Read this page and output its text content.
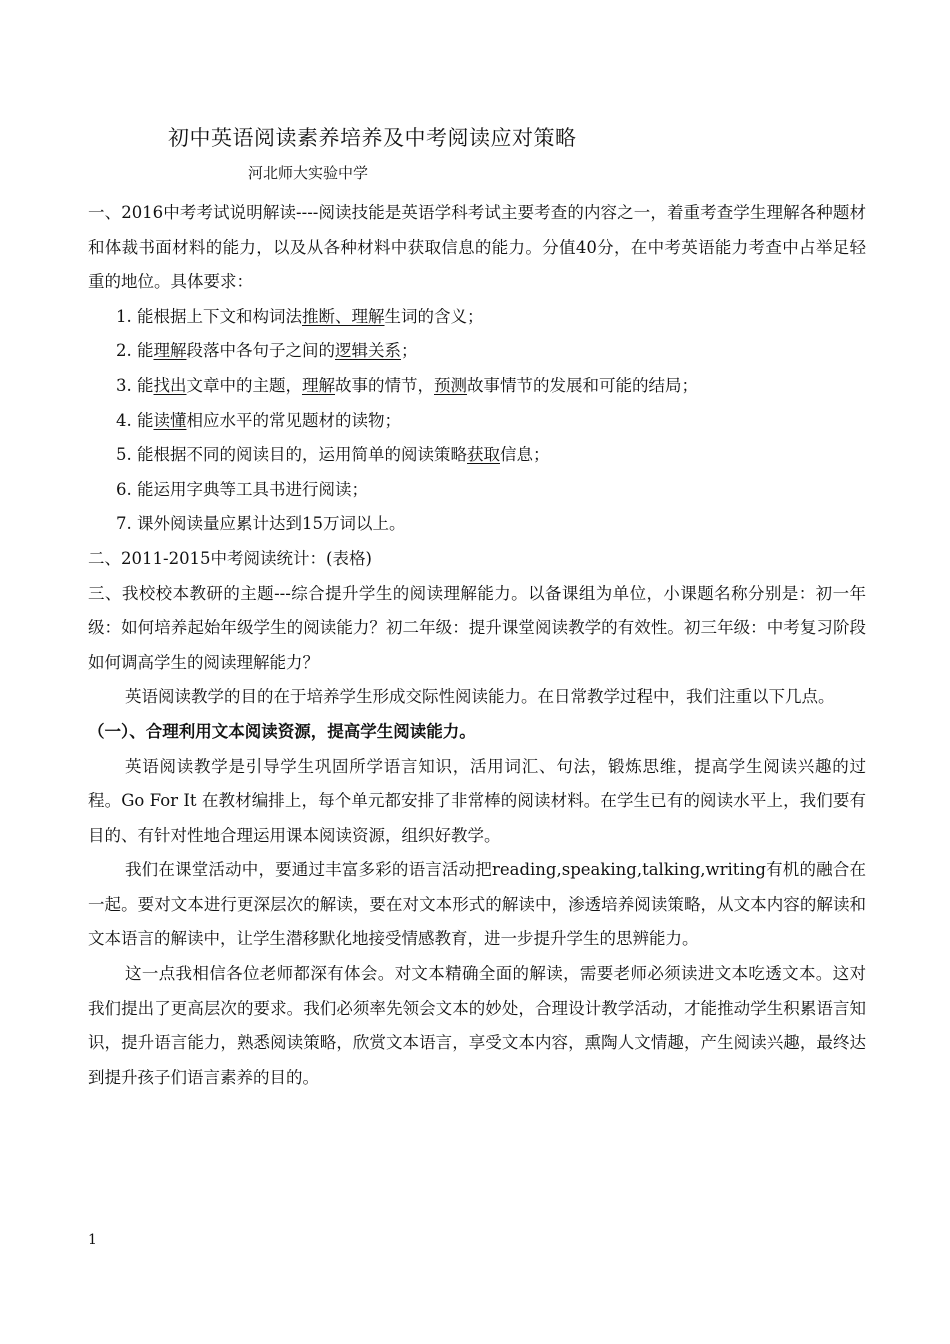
初中英语阅读素养培养及中考阅读应对策略
河北师大实验中学

一、2016中考考试说明解读----阅读技能是英语学科考试主要考查的内容之一，着重考查学生理解各种题材和体裁书面材料的能力，以及从各种材料中获取信息的能力。分值40分，在中考英语能力考查中占举足轻重的地位。具体要求：

1. 能根据上下文和构词法推断、理解生词的含义；

2. 能理解段落中各句子之间的逻辑关系；

3. 能找出文章中的主题，理解故事的情节，预测故事情节的发展和可能的结局；

4. 能读懂相应水平的常见题材的读物；

5. 能根据不同的阅读目的，运用简单的阅读策略获取信息；

6. 能运用字典等工具书进行阅读；

7. 课外阅读量应累计达到15万词以上。

二、2011-2015中考阅读统计：(表格)

三、我校校本教研的主题---综合提升学生的阅读理解能力。以备课组为单位，小课题名称分别是：初一年级：如何培养起始年级学生的阅读能力？初二年级：提升课堂阅读教学的有效性。初三年级：中考复习阶段如何调高学生的阅读理解能力？

英语阅读教学的目的在于培养学生形成交际性阅读能力。在日常教学过程中，我们注重以下几点。

（一）、合理利用文本阅读资源，提高学生阅读能力。

英语阅读教学是引导学生巩固所学语言知识，活用词汇、句法，锻炼思维，提高学生阅读兴趣的过程。Go For It 在教材编排上，每个单元都安排了非常棒的阅读材料。在学生已有的阅读水平上，我们要有目的、有针对性地合理运用课本阅读资源，组织好教学。

我们在课堂活动中，要通过丰富多彩的语言活动把reading,speaking,talking,writing有机的融合在一起。要对文本进行更深层次的解读，要在对文本形式的解读中，渗透培养阅读策略，从文本内容的解读和文本语言的解读中，让学生潜移默化地接受情感教育，进一步提升学生的思辨能力。

这一点我相信各位老师都深有体会。对文本精确全面的解读，需要老师必须读进文本吃透文本。这对我们提出了更高层次的要求。我们必须率先领会文本的妙处，合理设计教学活动，才能推动学生积累语言知识，提升语言能力，熟悉阅读策略，欣赏文本语言，享受文本内容，熏陶人文情趣，产生阅读兴趣，最终达到提升孩子们语言素养的目的。

1
